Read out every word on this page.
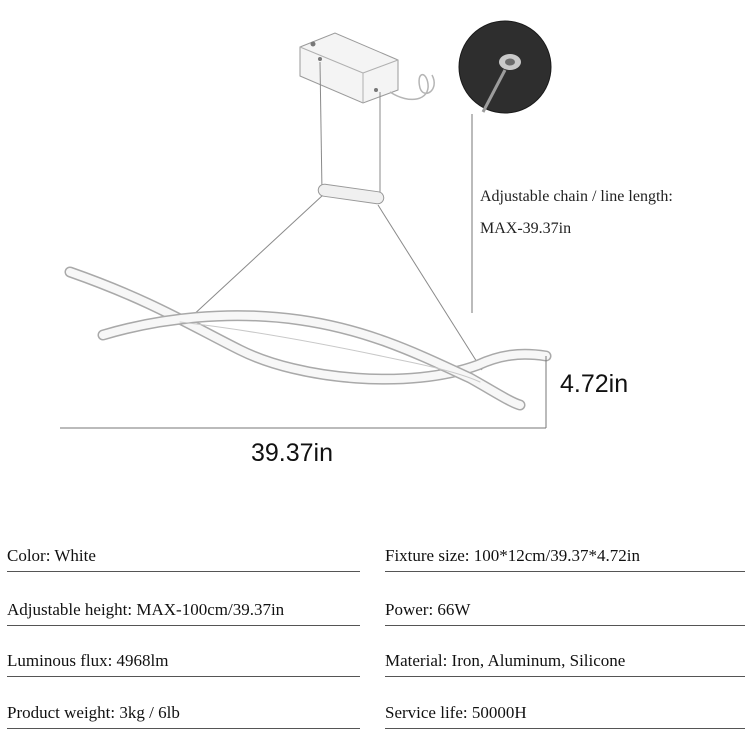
Adjustable chain / line length:
MAX-39.37in
4.72in
39.37in
Color: White	Fixture size: 100*12cm/39.37*4.72in
Adjustable height: MAX-100cm/39.37in	Power: 66W
Luminous flux: 4968lm	Material: Iron, Aluminum, Silicone
Product weight: 3kg / 6lb	Service life: 50000H
